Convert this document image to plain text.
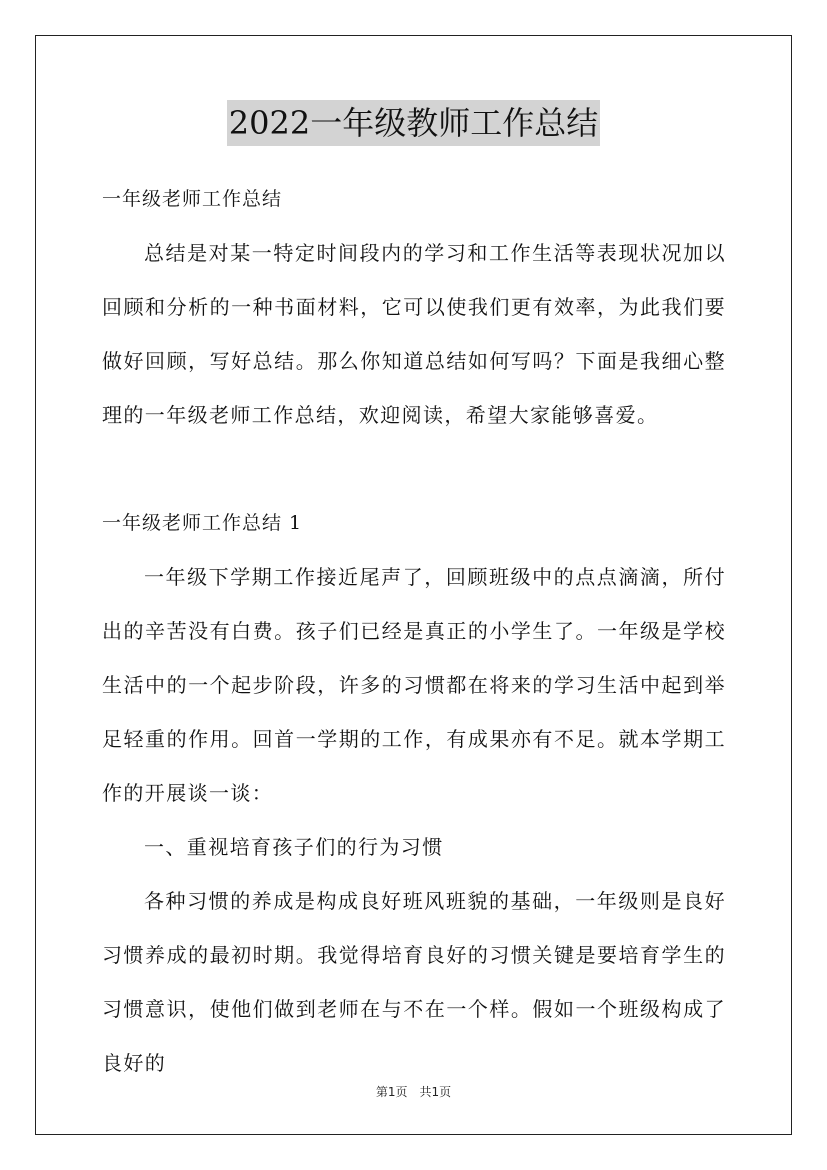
2022一年级教师工作总结

一年级老师工作总结

总结是对某一特定时间段内的学习和工作生活等表现状况加以回顾和分析的一种书面材料，它可以使我们更有效率，为此我们要做好回顾，写好总结。那么你知道总结如何写吗？下面是我细心整理的一年级老师工作总结，欢迎阅读，希望大家能够喜爱。

一年级老师工作总结 1

一年级下学期工作接近尾声了，回顾班级中的点点滴滴，所付出的辛苦没有白费。孩子们已经是真正的小学生了。一年级是学校生活中的一个起步阶段，许多的习惯都在将来的学习生活中起到举足轻重的作用。回首一学期的工作，有成果亦有不足。就本学期工作的开展谈一谈：

一、重视培育孩子们的行为习惯

各种习惯的养成是构成良好班风班貌的基础，一年级则是良好习惯养成的最初时期。我觉得培育良好的习惯关键是要培育学生的习惯意识，使他们做到老师在与不在一个样。假如一个班级构成了良好的

第1页 共1页
